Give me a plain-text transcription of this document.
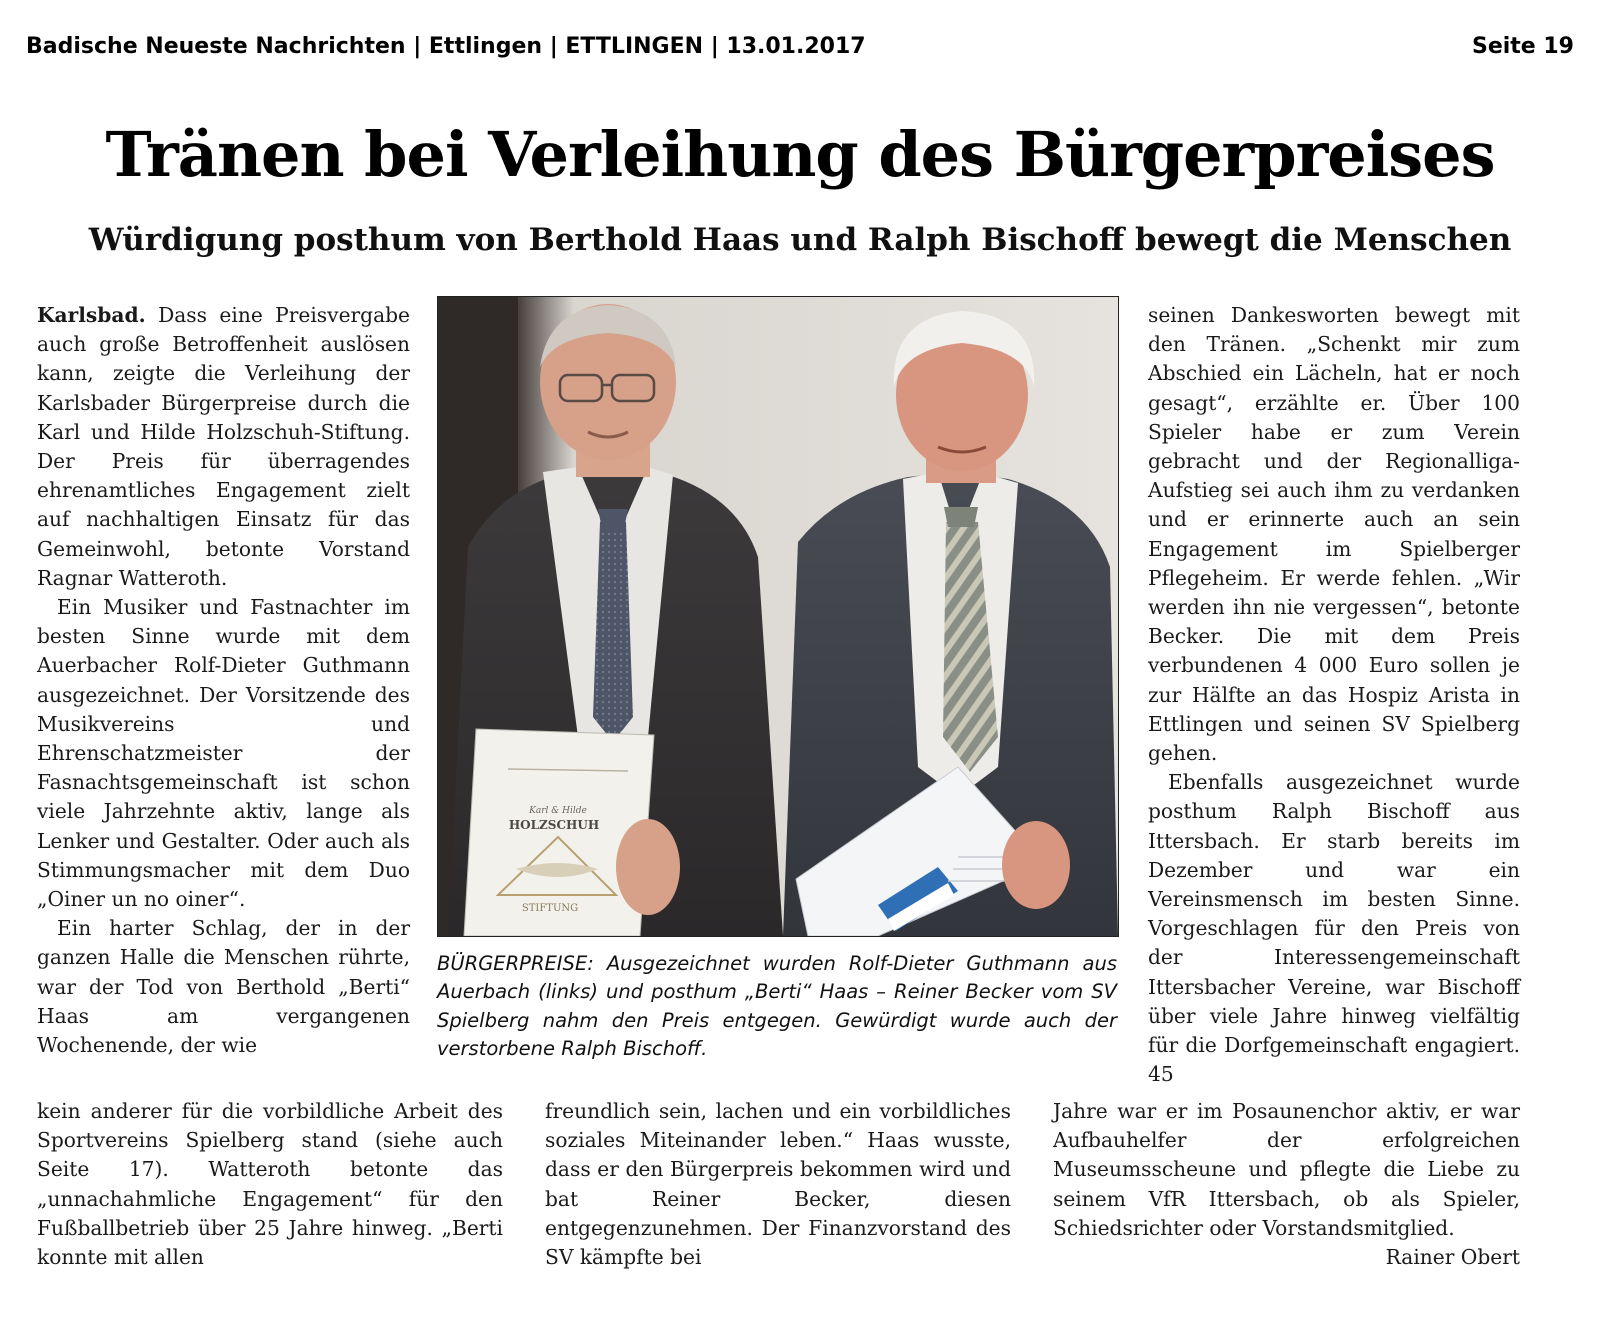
Badische Neueste Nachrichten | Ettlingen | ETTLINGEN | 13.01.2017	Seite 19
Tränen bei Verleihung des Bürgerpreises
Würdigung posthum von Berthold Haas und Ralph Bischoff bewegt die Menschen

Karlsbad. Dass eine Preisvergabe auch große Betroffenheit auslösen kann, zeigte die Verleihung der Karlsbader Bürgerpreise durch die Karl und Hilde Holzschuh-Stiftung. Der Preis für überragendes ehrenamtliches Engagement zielt auf nachhaltigen Einsatz für das Gemeinwohl, betonte Vorstand Ragnar Watteroth.

Ein Musiker und Fastnachter im besten Sinne wurde mit dem Auerbacher Rolf-Dieter Guthmann ausgezeichnet. Der Vorsitzende des Musikvereins und Ehrenschatzmeister der Fasnachtsgemeinschaft ist schon viele Jahrzehnte aktiv, lange als Lenker und Gestalter. Oder auch als Stimmungsmacher mit dem Duo „Oiner un no oiner“.

Ein harter Schlag, der in der ganzen Halle die Menschen rührte, war der Tod von Berthold „Berti“ Haas am vergangenen Wochenende, der wie

Karl & Hilde
HOLZSCHUH
STIFTUNG
BÜRGERPREISE: Ausgezeichnet wurden Rolf-Dieter Guthmann aus Auerbach (links) und posthum „Berti“ Haas – Reiner Becker vom SV Spielberg nahm den Preis entgegen. Gewürdigt wurde auch der verstorbene Ralph Bischoff.

seinen Dankesworten bewegt mit den Tränen. „Schenkt mir zum Abschied ein Lächeln, hat er noch gesagt“, erzählte er. Über 100 Spieler habe er zum Verein gebracht und der Regionalliga-Aufstieg sei auch ihm zu verdanken und er erinnerte auch an sein Engagement im Spielberger Pflegeheim. Er werde fehlen. „Wir werden ihn nie vergessen“, betonte Becker. Die mit dem Preis verbundenen 4 000 Euro sollen je zur Hälfte an das Hospiz Arista in Ettlingen und seinen SV Spielberg gehen.

Ebenfalls ausgezeichnet wurde posthum Ralph Bischoff aus Ittersbach. Er starb bereits im Dezember und war ein Vereinsmensch im besten Sinne. Vorgeschlagen für den Preis von der Interessengemeinschaft Ittersbacher Vereine, war Bischoff über viele Jahre hinweg vielfältig für die Dorfgemeinschaft engagiert. 45

kein anderer für die vorbildliche Arbeit des Sportvereins Spielberg stand (siehe auch Seite 17). Watteroth betonte das „unnachahmliche Engagement“ für den Fußballbetrieb über 25 Jahre hinweg. „Berti konnte mit allen

freundlich sein, lachen und ein vorbildliches soziales Miteinander leben.“ Haas wusste, dass er den Bürgerpreis bekommen wird und bat Reiner Becker, diesen entgegenzunehmen. Der Finanzvorstand des SV kämpfte bei

Jahre war er im Posaunenchor aktiv, er war Aufbauhelfer der erfolgreichen Museumsscheune und pflegte die Liebe zu seinem VfR Ittersbach, ob als Spieler, Schiedsrichter oder Vorstandsmitglied.
Rainer Obert
